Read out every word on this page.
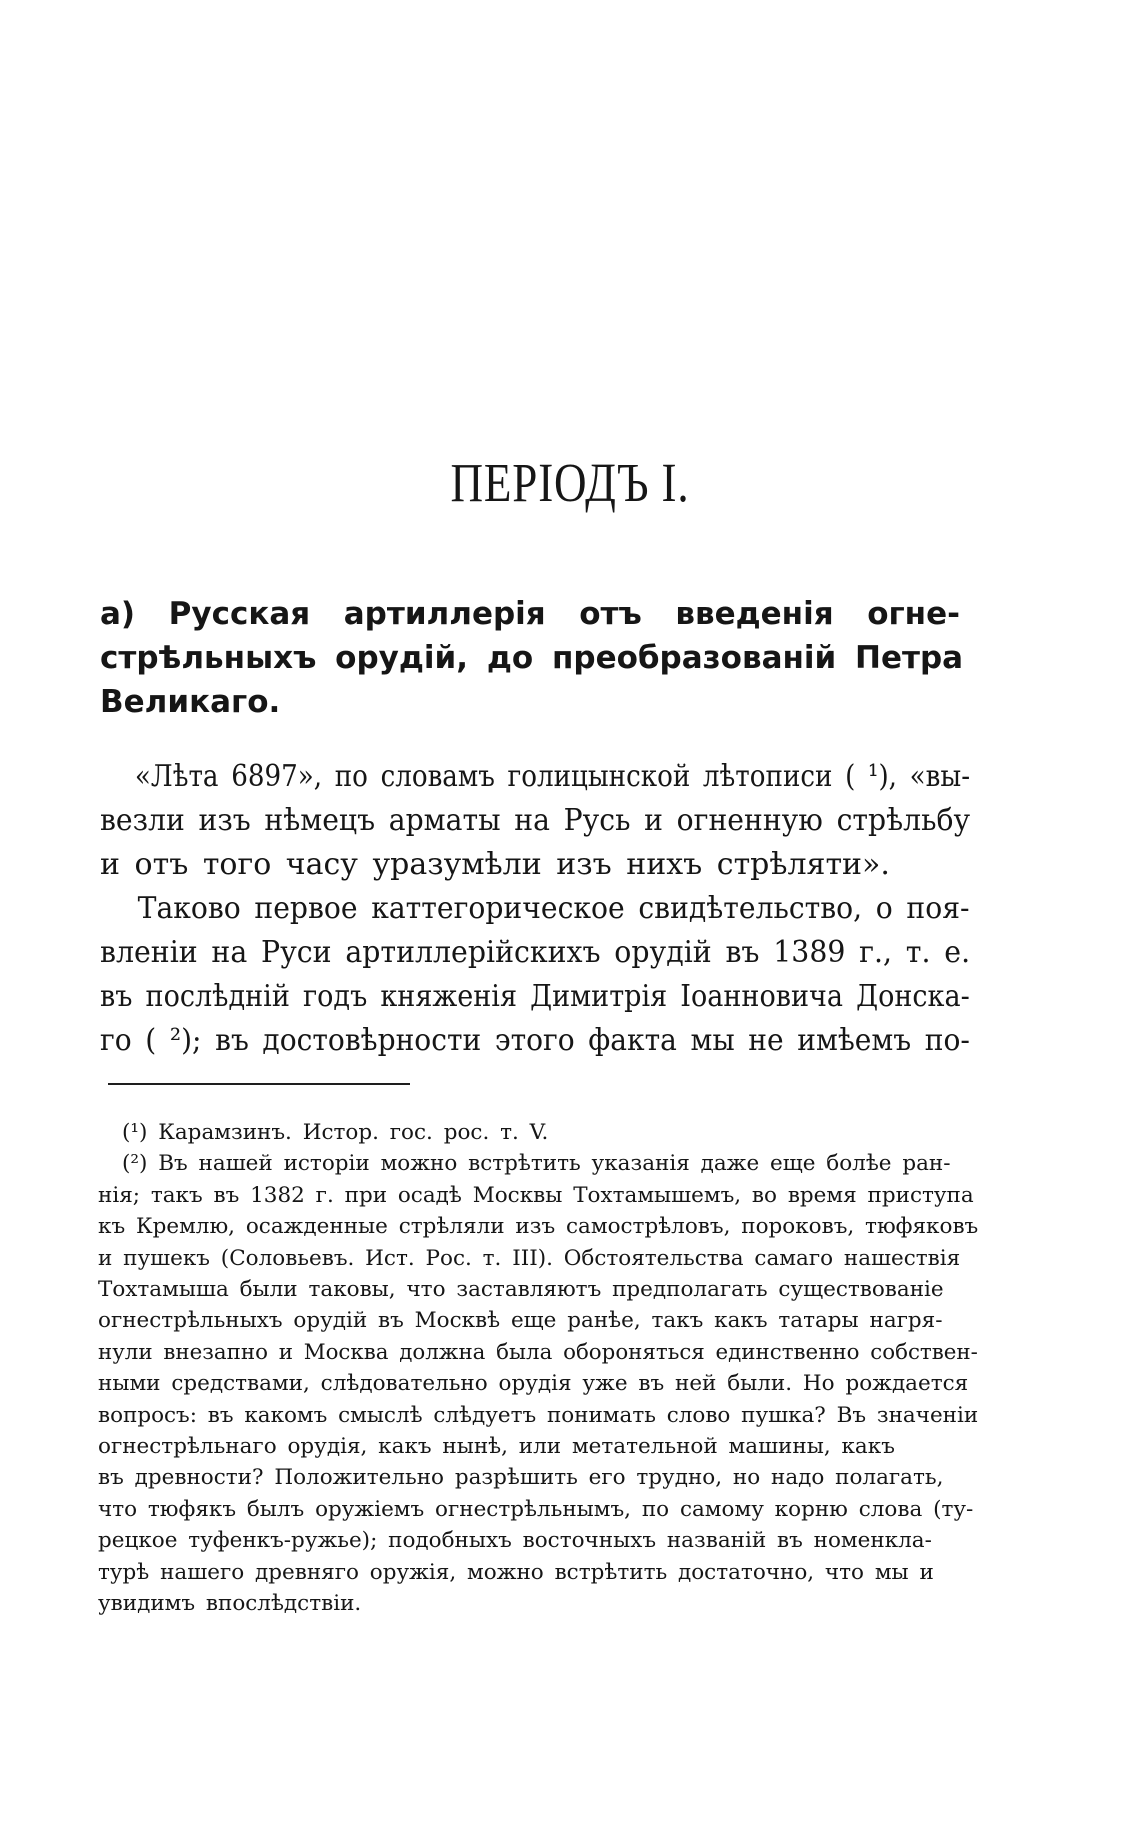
ПЕРІОДЪ I.
а) Русская артиллерія отъ введенія огне-
стрѣльныхъ орудій, до преобразованій Петра
Великаго.
«Лѣта 6897», по словамъ голицынской лѣтописи ( ¹), «вы-
везли изъ нѣмецъ арматы на Русь и огненную стрѣльбу
и отъ того часу уразумѣли изъ нихъ стрѣляти».
Таково первое каттегорическое свидѣтельство, о поя-
вленіи на Руси артиллерійскихъ орудій въ 1389 г., т. е.
въ послѣдній годъ княженія Димитрія Іоанновича Донска-
го ( ²); въ достовѣрности этого факта мы не имѣемъ по-
(¹) Карамзинъ. Истор. гос. рос. т. V.
(²) Въ нашей исторіи можно встрѣтить указанія даже еще болѣе ран-
нія; такъ въ 1382 г. при осадѣ Москвы Тохтамышемъ, во время приступа
къ Кремлю, осажденные стрѣляли изъ самострѣловъ, пороковъ, тюфяковъ
и пушекъ (Соловьевъ. Ист. Рос. т. III). Обстоятельства самаго нашествія
Тохтамыша были таковы, что заставляютъ предполагать существованіе
огнестрѣльныхъ орудій въ Москвѣ еще ранѣе, такъ какъ татары нагря-
нули внезапно и Москва должна была обороняться единственно собствен-
ными средствами, слѣдовательно орудія уже въ ней были. Но рождается
вопросъ: въ какомъ смыслѣ слѣдуетъ понимать слово пушка? Въ значеніи
огнестрѣльнаго орудія, какъ нынѣ, или метательной машины, какъ
въ древности? Положительно разрѣшить его трудно, но надо полагать,
что тюфякъ былъ оружіемъ огнестрѣльнымъ, по самому корню слова (ту-
рецкое туфенкъ-ружье); подобныхъ восточныхъ названій въ номенкла-
турѣ нашего древняго оружія, можно встрѣтить достаточно, что мы и
увидимъ впослѣдствіи.
